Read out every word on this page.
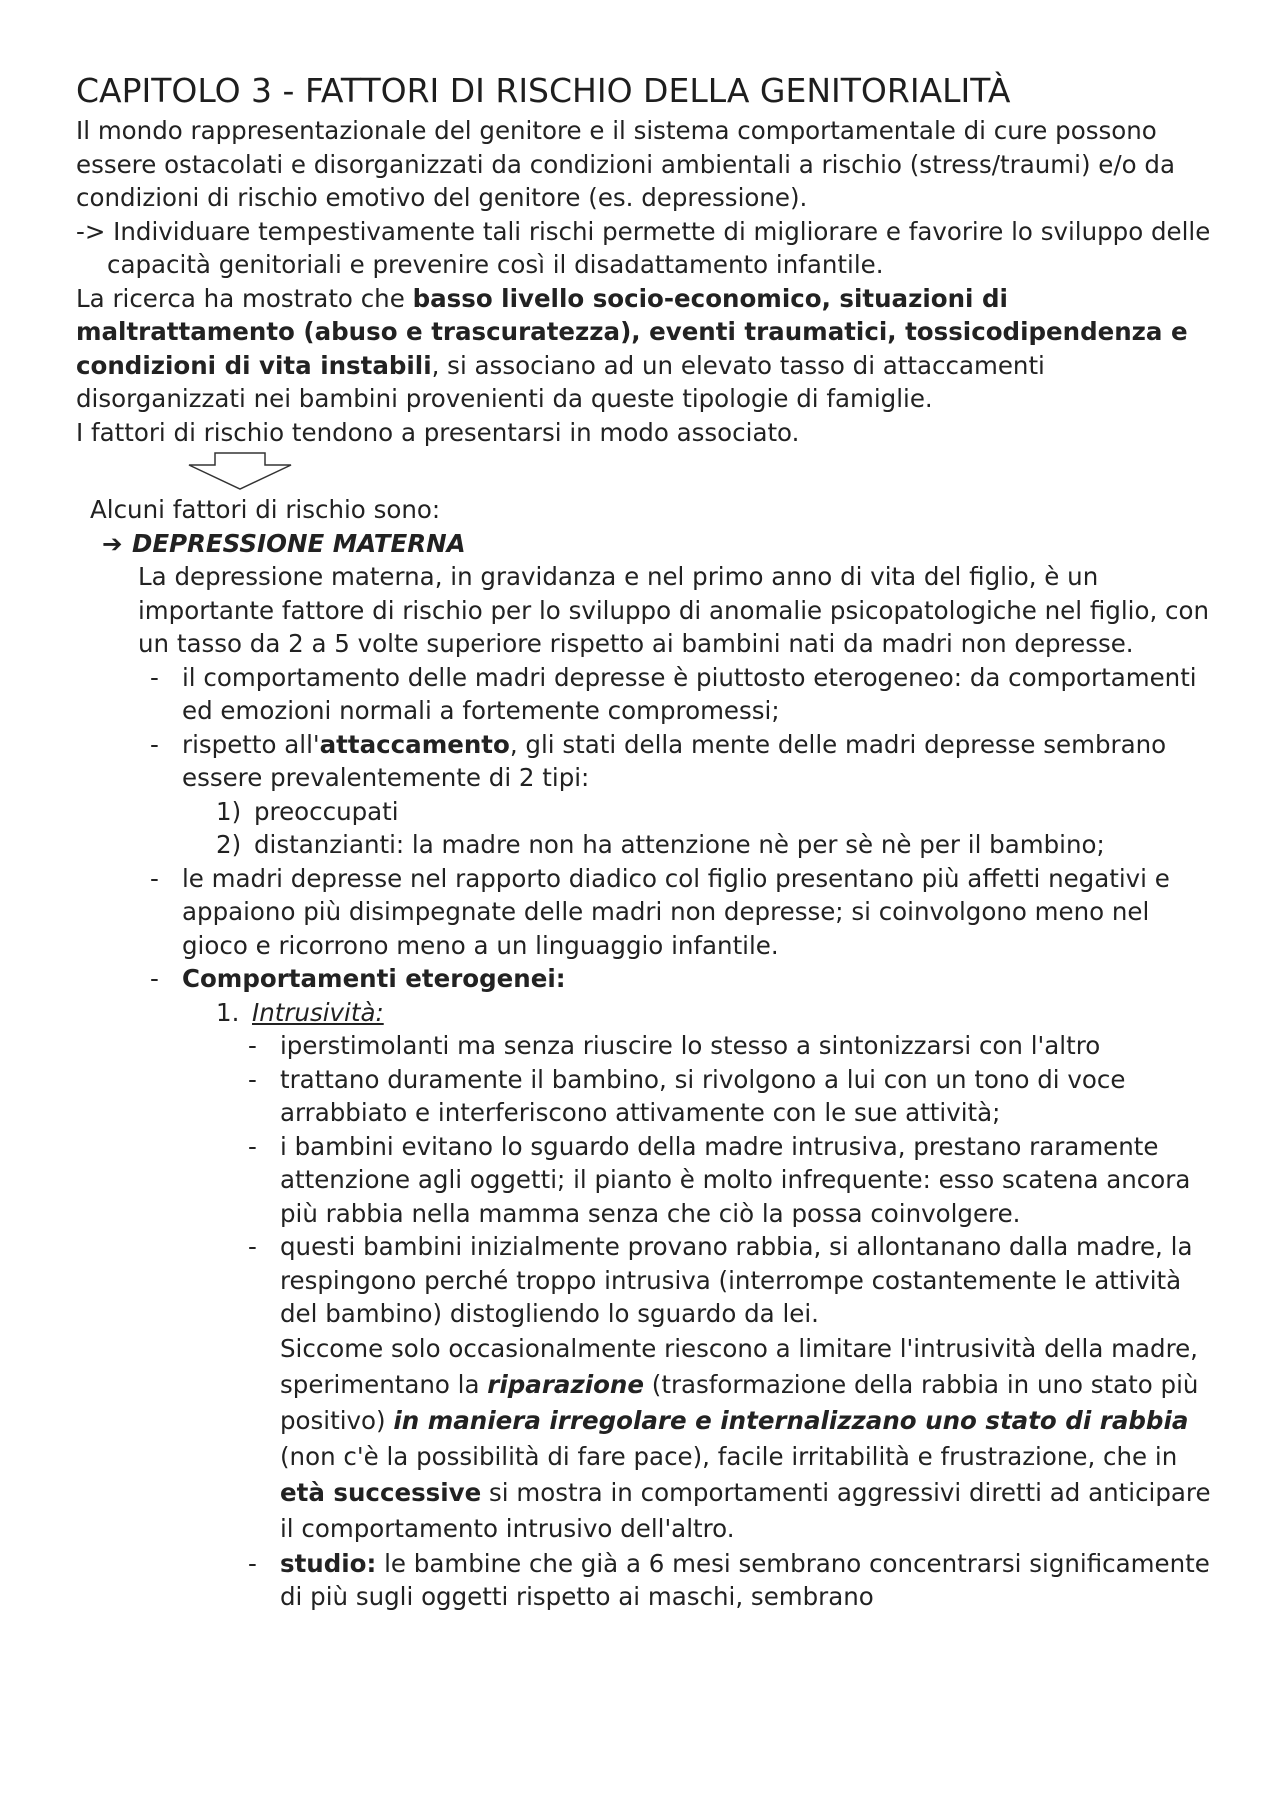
CAPITOLO 3 - FATTORI DI RISCHIO DELLA GENITORIALITÀ

Il mondo rappresentazionale del genitore e il sistema comportamentale di cure possono essere ostacolati e disorganizzati da condizioni ambientali a rischio (stress/traumi) e/o da condizioni di rischio emotivo del genitore (es. depressione).

-> Individuare tempestivamente tali rischi permette di migliorare e favorire lo sviluppo delle capacità genitoriali e prevenire così il disadattamento infantile.

La ricerca ha mostrato che basso livello socio-economico, situazioni di maltrattamento (abuso e trascuratezza), eventi traumatici, tossicodipendenza e condizioni di vita instabili, si associano ad un elevato tasso di attaccamenti disorganizzati nei bambini provenienti da queste tipologie di famiglie.

I fattori di rischio tendono a presentarsi in modo associato.

Alcuni fattori di rischio sono:

➔ DEPRESSIONE MATERNA

La depressione materna, in gravidanza e nel primo anno di vita del figlio, è un importante fattore di rischio per lo sviluppo di anomalie psicopatologiche nel figlio, con un tasso da 2 a 5 volte superiore rispetto ai bambini nati da madri non depresse.

- il comportamento delle madri depresse è piuttosto eterogeneo: da comportamenti ed emozioni normali a fortemente compromessi;
- rispetto all'attaccamento, gli stati della mente delle madri depresse sembrano essere prevalentemente di 2 tipi:
1) preoccupati
2) distanzianti: la madre non ha attenzione nè per sè nè per il bambino;
- le madri depresse nel rapporto diadico col figlio presentano più affetti negativi e appaiono più disimpegnate delle madri non depresse; si coinvolgono meno nel gioco e ricorrono meno a un linguaggio infantile.
- Comportamenti eterogenei:
1. Intrusività:
- iperstimolanti ma senza riuscire lo stesso a sintonizzarsi con l'altro
- trattano duramente il bambino, si rivolgono a lui con un tono di voce arrabbiato e interferiscono attivamente con le sue attività;
- i bambini evitano lo sguardo della madre intrusiva, prestano raramente attenzione agli oggetti; il pianto è molto infrequente: esso scatena ancora più rabbia nella mamma senza che ciò la possa coinvolgere.
- questi bambini inizialmente provano rabbia, si allontanano dalla madre, la respingono perché troppo intrusiva (interrompe costantemente le attività del bambino) distogliendo lo sguardo da lei.
Siccome solo occasionalmente riescono a limitare l'intrusività della madre, sperimentano la riparazione (trasformazione della rabbia in uno stato più positivo) in maniera irregolare e internalizzano uno stato di rabbia (non c'è la possibilità di fare pace), facile irritabilità e frustrazione, che in età successive si mostra in comportamenti aggressivi diretti ad anticipare il comportamento intrusivo dell'altro.
- studio: le bambine che già a 6 mesi sembrano concentrarsi significamente di più sugli oggetti rispetto ai maschi, sembrano
